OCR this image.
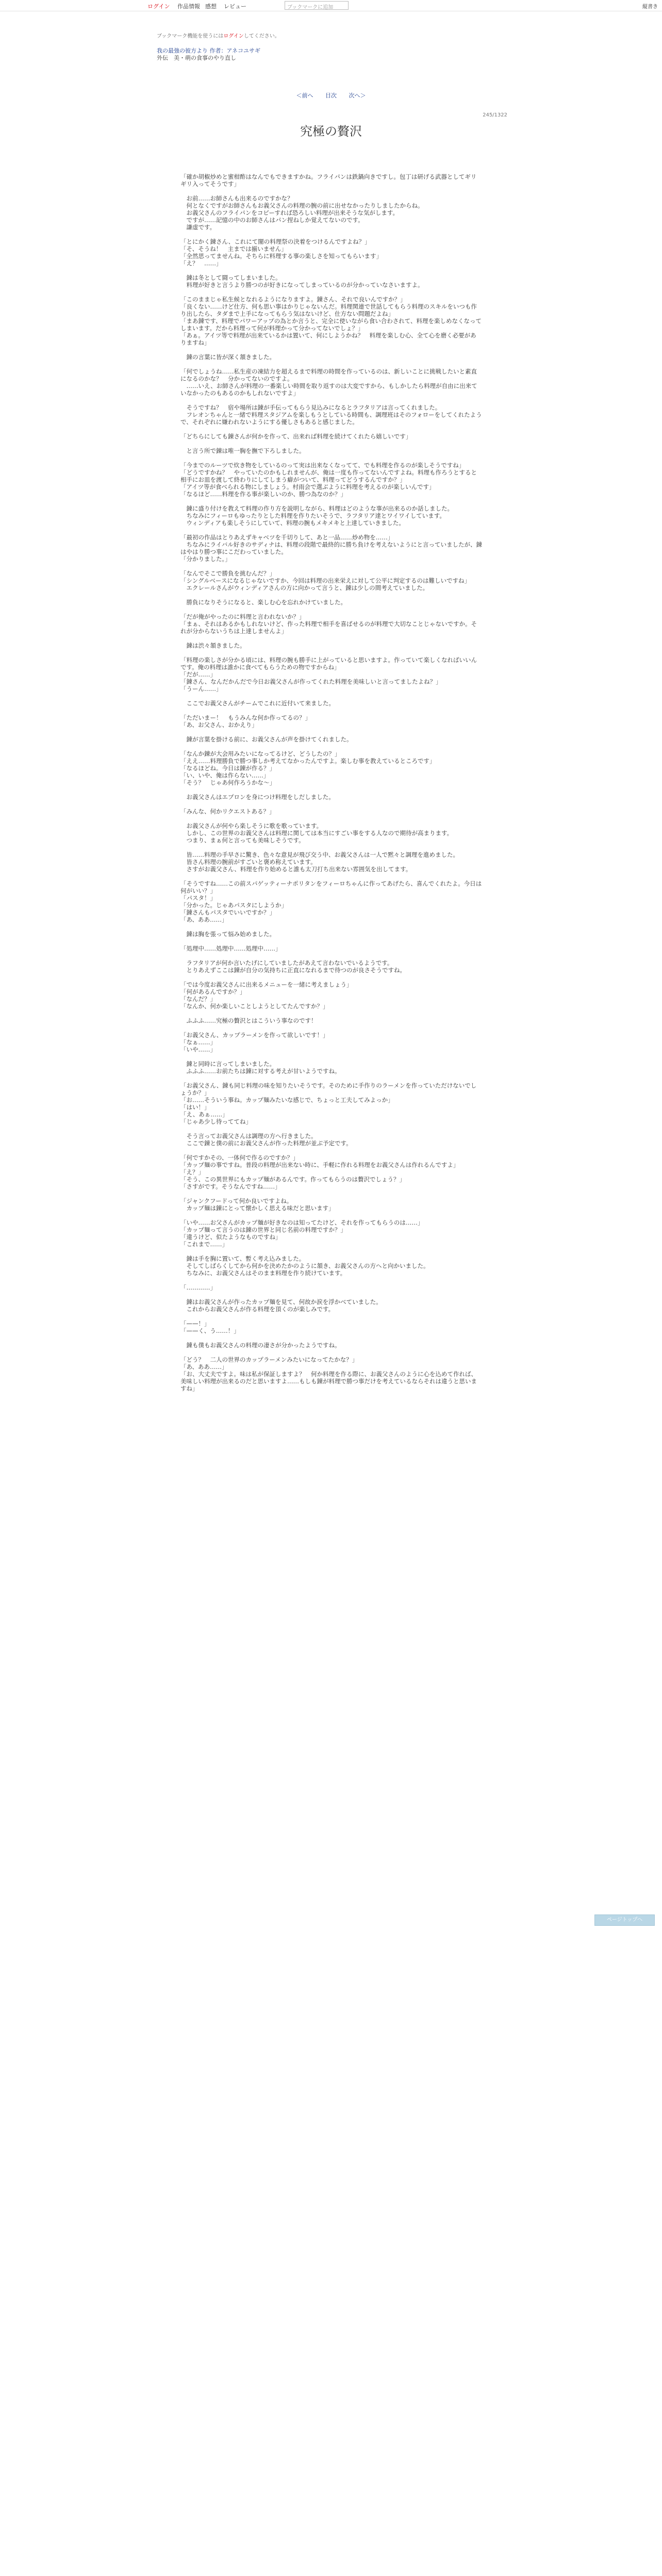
ログイン 作品情報 感想 レビュー	ブックマークに追加	縦書き
ブックマーク機能を使うにはログインしてください。
我の最強の彼方より 作者：アネコユサギ
外伝　美・萌の食事のやり直し
＜前へ 目次 次へ＞
245/1322
究極の贅沢

「確か胡椒炒めと蜜柑酢はなんでもできますかね。フライパンは鉄鍋向きですし。包丁は研げる武器としてギリギリ入ってそうです」

　お前……お師さんも出来るのですかな？
　何となくですがお師さんもお義父さんの料理の腕の前に出せなかったりしましたからね。
　お義父さんのフライパンをコピーすれば恐ろしい料理が出来そうな気がします。
　ですが……記憶の中のお師さんはパン捏ねしか覚えてないのです。
　謙虚です。

「とにかく錬さん、これにて闇の料理祭の決着をつけるんですよね？」
「そ、そうね！　主までは揃いません」
「全然思ってませんね。そちらに料理する事の楽しさを知ってもらいます」
「え？　……」

　錬は冬として闘ってしまいました。
　料理が好きと言うより勝つのが好きになってしまっているのが分かっていなさいますよ。

「このままじゃ私生候となれるようになりますよ。錬さん、それで良いんですか？」
「良くない……けど仕方、何も思い事はかりじゃないんだ。料理関連で世話してもらう料理のスキルをいつも作り出したら、タダまで上手になってもらう気はないけど、仕方ない問題だよね」
「まあ錬です、料理でパワーアップの為とか言うと、完全に使いながら食い合わされて、料理を楽しめなくなってしまいます。だから料理って何が料理かって分かってないでしょ？」
「あぁ。アイツ等で料理が出来ているかは置いて、何にしようかね？　料理を楽しむ心、全て心を磨く必要がありますね」

　錬の言葉に皆が深く頷きました。

「何でしょうね……私生産の凍結力を超えるまで料理の時間を作っているのは、新しいことに挑戦したいと素直になるのかな？　分かってないのですよ。
　……いえ、お師さんが料理の一番楽しい時間を取り返すのは大変ですから、もしかしたら料理が自由に出来ていなかったのもあるのかもしれないですよ」

　そうですね？　宿や場所は錬が手伝ってもらう見込みになるとラフタリアは言ってくれました。
　フレオンちゃんと一緒で料理スタジアムを楽しもうとしている時間も、調理班はそのフォローをしてくれたようで、それぞれに嫌われないようにする優しさもあると感じました。

「どちらにしても錬さんが何かを作って、出来れば料理を続けてくれたら嬉しいです」

　と言う所で錬は唯一胸を撫で下ろしました。

「今までのルーツで炊き物をしているのって実は出来なくなってて、でも料理を作るのが楽しそうですね」
「どうですかね？　やっていたのかもしれませんが、俺は一度も作ってないんですよね。料理も作ろうとすると相手にお皿を渡して終わりにしてしまう癖がついて、料理ってどうするんですか？」
「アイツ等が食べられる物にしましょう。村雨会で選ぶように料理を考えるのが楽しいんです」
「なるほど……料理を作る事が楽しいのか、勝つ為なのか？」

　錬に盛り付けを教えて料理の作り方を説明しながら、料理はどのような事が出来るのか話しました。
　ちなみにフィーロもゆったりとした料理を作りたいそうで、ラフタリア達とワイワイしています。
　ウィンディアも楽しそうにしていて、料理の腕もメキメキと上達していきました。

「最初の作品はとりあえずキャベツを千切りして、あと一品……炒め物を……」
　ちなみにライバル好きのサディナは、料理の段階で最終的に勝ち負けを考えないようにと言っていましたが、錬はやはり勝つ事にこだわっていました。
「分かりました。」

「なんでそこで勝負を挑むんだ？」
「シングルベースになるじゃないですか、今回は料理の出来栄えに対して公平に判定するのは難しいですね」
　エクレールさんがウィンディアさんの方に向かって言うと、錬は少しの間考えていました。

　勝負になりそうになると、楽しむ心を忘れかけていました。

「だが俺がやったのに料理と言われないか？」
「まぁ、それはあるかもしれないけど、作った料理で相手を喜ばせるのが料理で大切なことじゃないですか。それが分からないうちは上達しませんよ」

　錬は渋々頷きました。

「料理の楽しさが分かる頃には、料理の腕も勝手に上がっていると思いますよ。作っていて楽しくなればいいんです。俺の料理は誰かに食べてもらうための物ですからね」
「だが……」
「錬さん、なんだかんだで今日お義父さんが作ってくれた料理を美味しいと言ってましたよね？」
「うーん……」

　ここでお義父さんがチームでこれに近付いて来ました。

「ただいまー！　もうみんな何か作ってるの？」
「あ、お父さん、おかえり」

　錬が言葉を掛ける前に、お義父さんが声を掛けてくれました。

「なんか錬が大会用みたいになってるけど、どうしたの？」
「ええ……料理勝負で勝つ事しか考えてなかったんですよ。楽しむ事を教えているところです」
「なるほどね。今日は錬が作る？」
「い、いや、俺は作らない……」
「そう？　じゃあ何作ろうかな〜」

　お義父さんはエプロンを身につけ料理をしだしました。

「みんな、何かリクエストある？」

　お義父さんが何やら楽しそうに歌を歌っています。
　しかし、この世界のお義父さんは料理に関しては本当にすごい事をする人なので期待が高まります。
　つまり、まぁ何と言っても美味しそうです。

　皆……料理の手早さに驚き、色々な意見が飛び交う中、お義父さんは一人で黙々と調理を進めました。
　皆さん料理の腕前がすごいと褒め称えています。
　さすがお義父さん、料理を作り始めると誰も太刀打ち出来ない雰囲気を出してます。

「そうですね……この前スパゲッティーナポリタンをフィーロちゃんに作ってあげたら、喜んでくれたよ。今日は何がいい？」
「パスタ！」
「分かった。じゃあパスタにしようか」
「錬さんもパスタでいいですか？」
「あ、ああ……」

　錬は胸を張って悩み始めました。

「処理中……処理中……処理中……」

　ラフタリアが何か言いたげにしていましたがあえて言わないでいるようです。
　とりあえずここは錬が自分の気持ちに正直になれるまで待つのが良さそうですね。

「では今度お義父さんに出来るメニューを一緒に考えましょう」
「何があるんですか？」
「なんだ？」
「なんか、何か楽しいことしようとしてたんですか？」

　ふふふ……究極の贅沢とはこういう事なのです！

「お義父さん、カップラーメンを作って欲しいです！」
「なぁ……」
「いや……」

　錬と同時に言ってしまいました。
　ふふふ……お前たちは錬に対する考えが甘いようですね。

「お義父さん、錬も同じ料理の味を知りたいそうです。そのために手作りのラーメンを作っていただけないでしょうか？」
「お……そういう事ね。カップ麺みたいな感じで、ちょっと工夫してみよっか」
「はい！」
「え、あぁ……」
「じゃあ少し待っててね」

　そう言ってお義父さんは調理の方へ行きました。
　ここで錬と僕の前にお義父さんが作った料理が並ぶ予定です。

「何ですかその、一体何で作るのですか？」
「カップ麺の事ですね。普段の料理が出来ない時に、手軽に作れる料理をお義父さんは作れるんですよ」
「え？」
「そう、この異世界にもカップ麺があるんです。作ってもらうのは贅沢でしょう？」
「さすがです。そうなんですね……」

「ジャンクフードって何か良いですよね。
　カップ麺は錬にとって懐かしく思える味だと思います」

「いや……お父さんがカップ麺が好きなのは知ってたけど、それを作ってもらうのは……」
「カップ麺って言うのは錬の世界と同じ名前の料理ですか？」
「違うけど、似たようなものですね」
「これまで……」

　錬は手を胸に置いて、暫く考え込みました。
　そしてしばらくしてから何かを決めたかのように頷き、お義父さんの方へと向かいました。
　ちなみに、お義父さんはそのまま料理を作り続けています。

「…………」

　錬はお義父さんが作ったカップ麺を見て、何故か涙を浮かべていました。
　これからお義父さんが作る料理を頂くのが楽しみです。

「——！」
「——く、う……！」

　錬も僕もお義父さんの料理の凄さが分かったようですね。

「どう？　二人の世界のカップラーメンみたいになってたかな？」
「あ、ああ……」
「お、大丈夫ですよ。味は私が保証しますよ？　何か料理を作る際に、お義父さんのように心を込めて作れば、美味しい料理が出来るのだと思いますよ……もしも錬が料理で勝つ事だけを考えているならそれは違うと思いますね」

ページトップへ
